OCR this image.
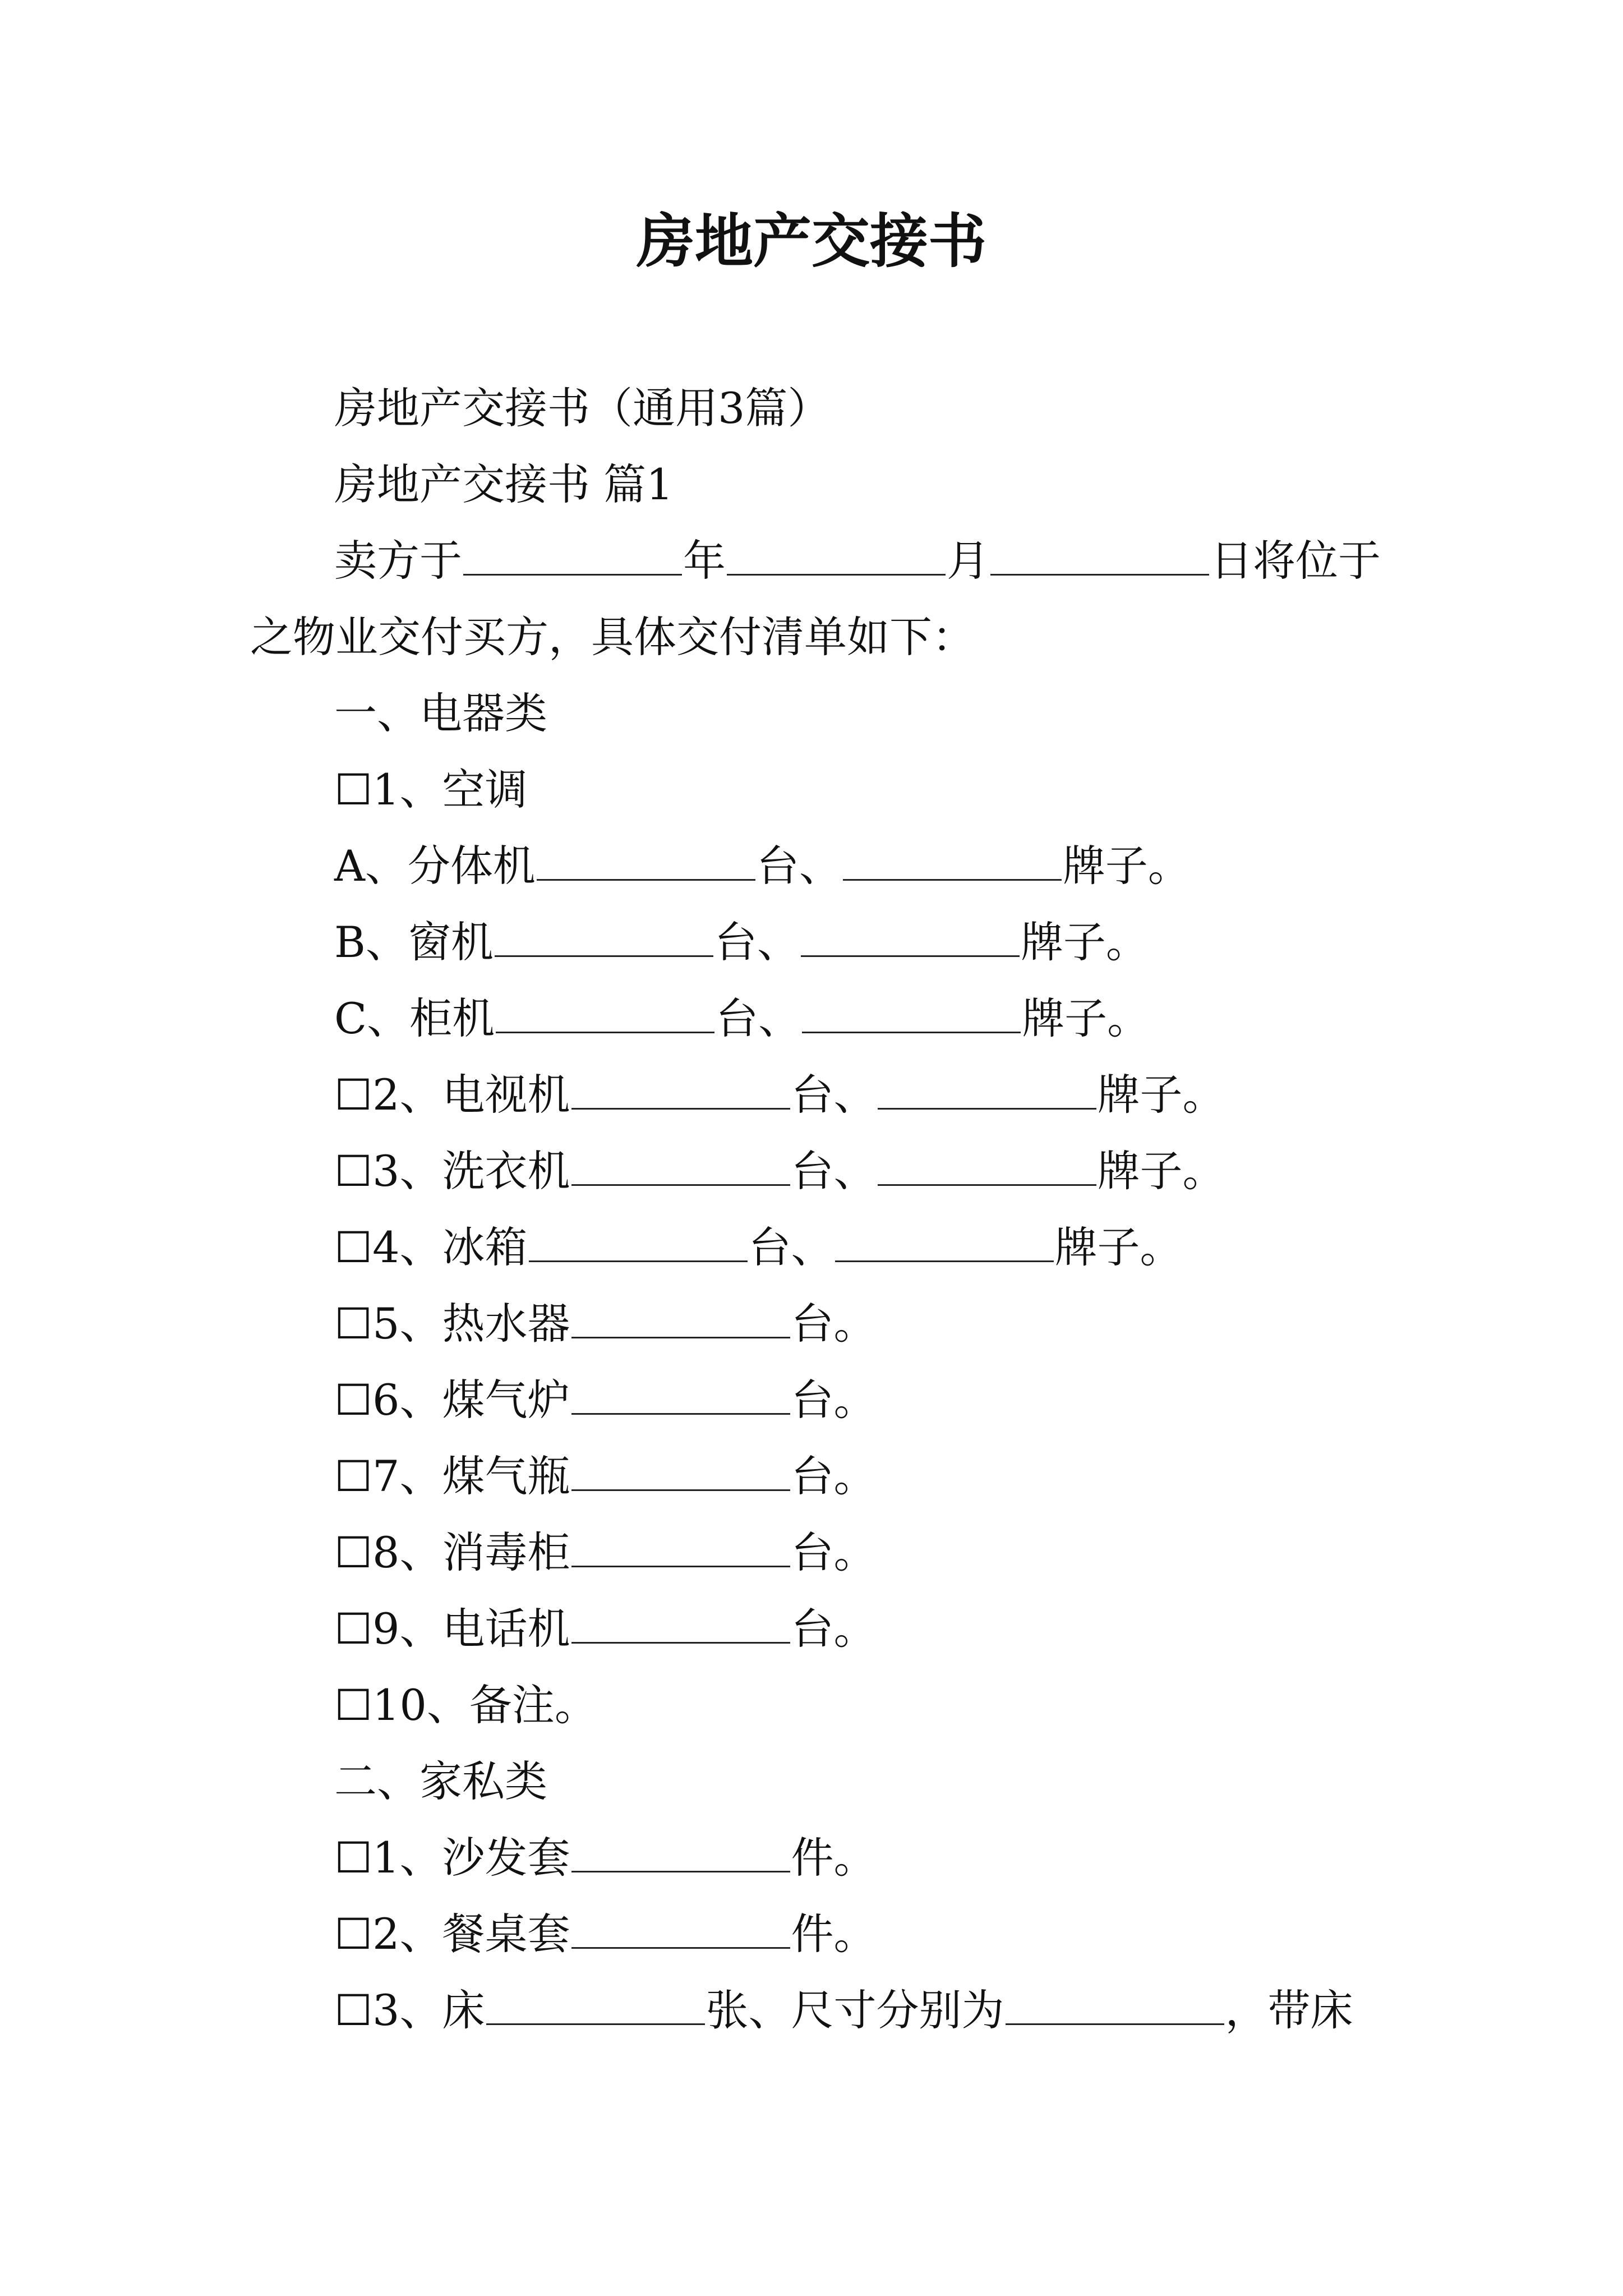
房地产交接书
房地产交接书（通用3篇）
房地产交接书 篇1
卖方于	年	月	日将位于
之物业交付买方，具体交付清单如下：
一、电器类
☐1、空调
A、分体机	台、	牌子。
B、窗机	台、	牌子。
C、柜机	台、	牌子。
☐2、电视机	台、	牌子。
☐3、洗衣机	台、	牌子。
☐4、冰箱	台、	牌子。
☐5、热水器	台。
☐6、煤气炉	台。
☐7、煤气瓶	台。
☐8、消毒柜	台。
☐9、电话机	台。
☐10、备注。
二、家私类
☐1、沙发套	件。
☐2、餐桌套	件。
☐3、床	张、尺寸分别为	，带床
